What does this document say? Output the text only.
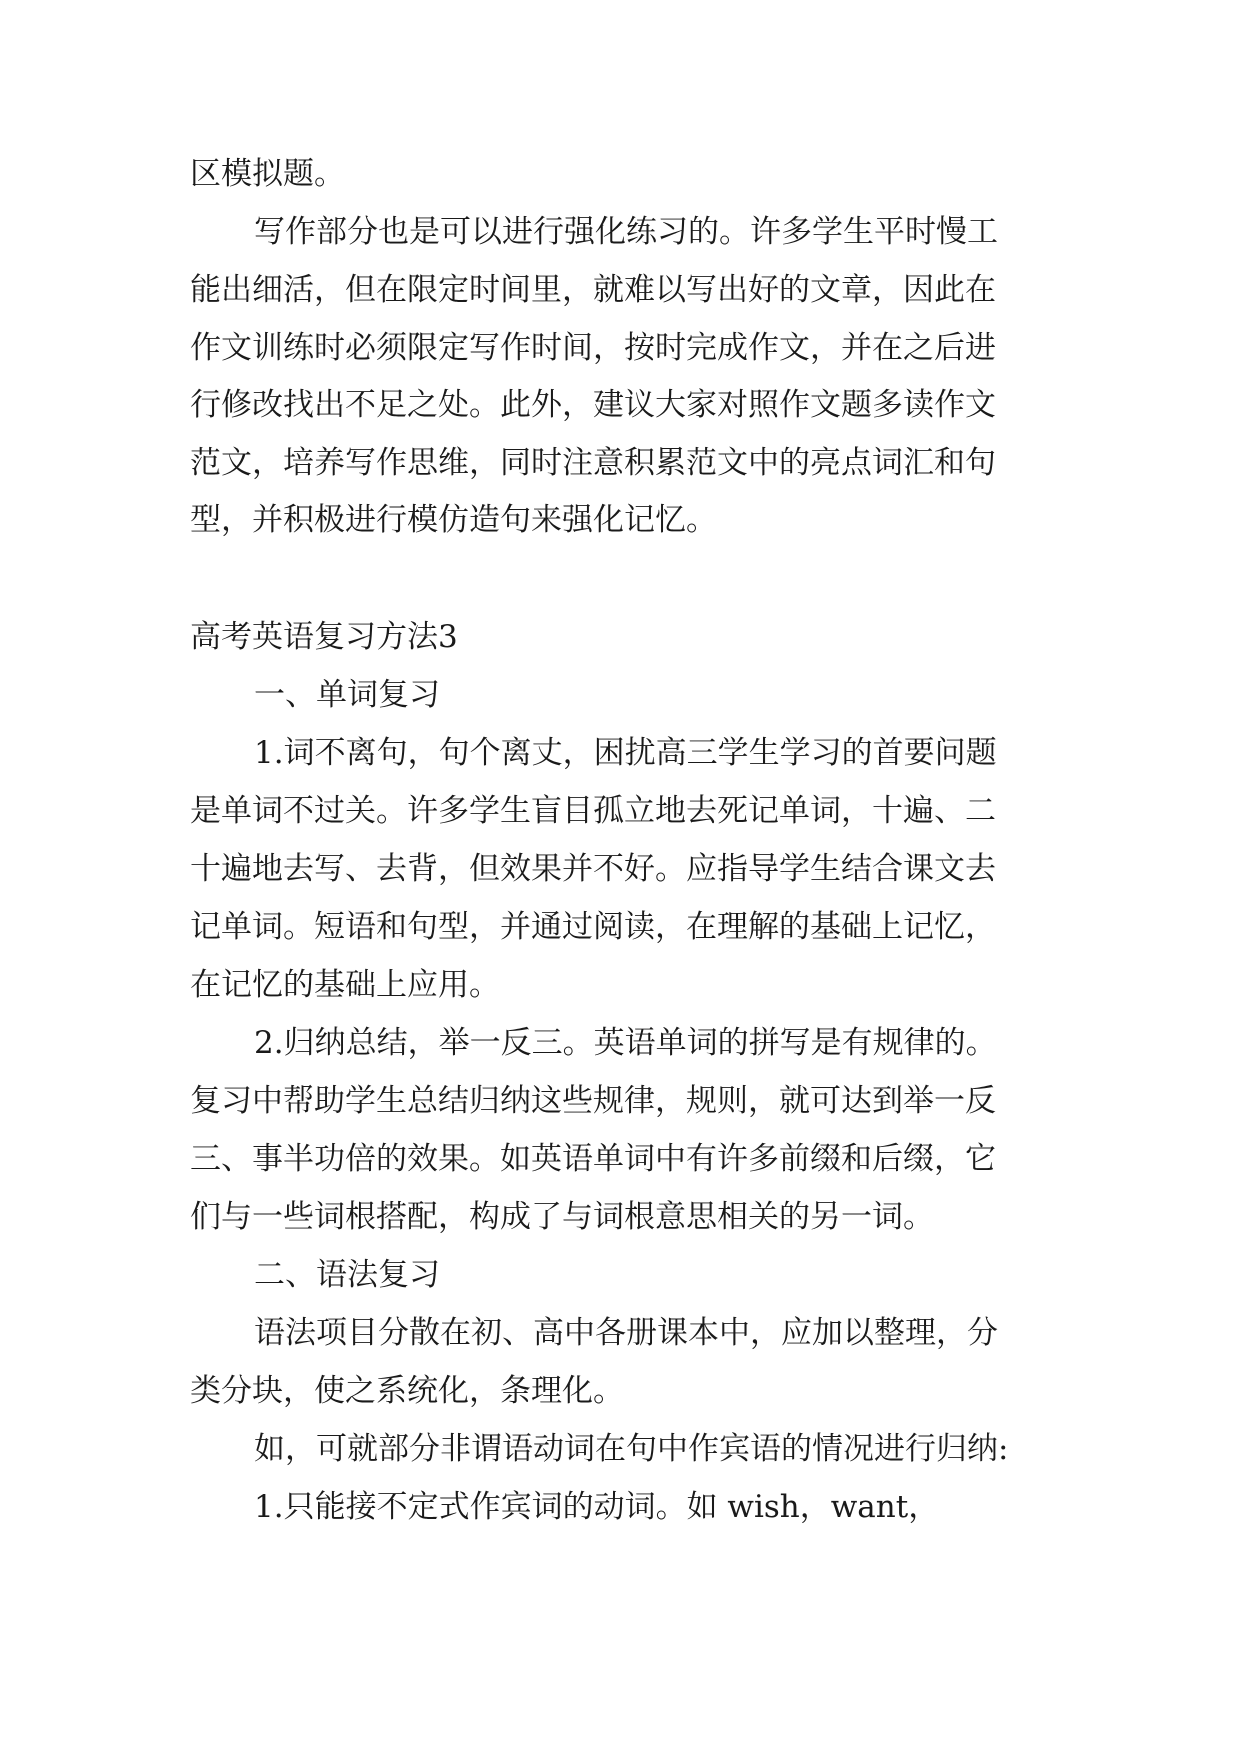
区模拟题。
写作部分也是可以进行强化练习的。许多学生平时慢工
能出细活，但在限定时间里，就难以写出好的文章，因此在
作文训练时必须限定写作时间，按时完成作文，并在之后进
行修改找出不足之处。此外，建议大家对照作文题多读作文
范文，培养写作思维，同时注意积累范文中的亮点词汇和句
型，并积极进行模仿造句来强化记忆。
高考英语复习方法3
一、单词复习
1.词不离句，句个离丈，困扰高三学生学习的首要问题
是单词不过关。许多学生盲目孤立地去死记单词，十遍、二
十遍地去写、去背，但效果并不好。应指导学生结合课文去
记单词。短语和句型，并通过阅读，在理解的基础上记忆，
在记忆的基础上应用。
2.归纳总结，举一反三。英语单词的拼写是有规律的。
复习中帮助学生总结归纳这些规律，规则，就可达到举一反
三、事半功倍的效果。如英语单词中有许多前缀和后缀，它
们与一些词根搭配，构成了与词根意思相关的另一词。
二、语法复习
语法项目分散在初、高中各册课本中，应加以整理，分
类分块，使之系统化，条理化。
如，可就部分非谓语动词在句中作宾语的情况进行归纳:
1.只能接不定式作宾词的动词。如 wish，want，
